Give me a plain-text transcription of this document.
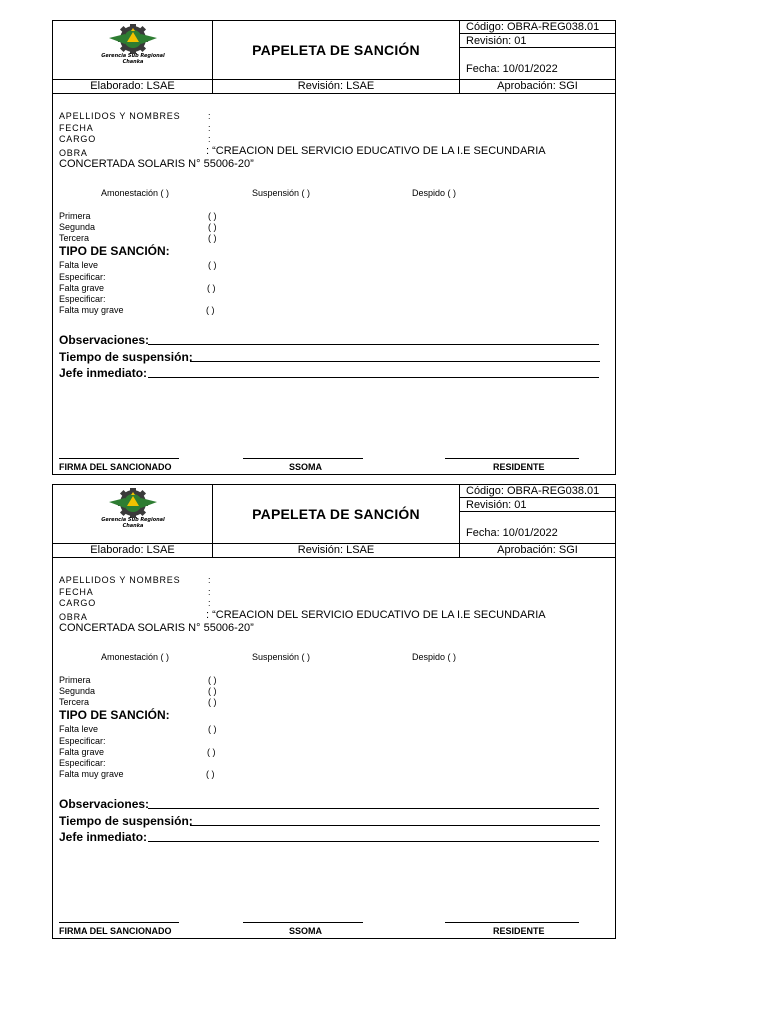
Gerencia Sub Regional Chanka
PAPELETA DE SANCIÓN
Código: OBRA-REG038.01
Revisión: 01
Fecha: 10/01/2022
Elaborado: LSAE	Revisión: LSAE	Aprobación: SGI
APELLIDOS Y NOMBRES	:
FECHA	:
CARGO	:
OBRA	: “CREACION DEL SERVICIO EDUCATIVO DE LA I.E SECUNDARIA
CONCERTADA SOLARIS N° 55006-20”
Amonestación ( )	Suspensión ( )	Despido ( )
Primera	( )
Segunda	( )
Tercera	( )
TIPO DE SANCIÓN:
Falta leve	( )
Especificar:
Falta grave	( )
Especificar:
Falta muy grave	( )
Observaciones:
Tiempo de suspensión:
Jefe inmediato:
FIRMA DEL SANCIONADO	SSOMA	RESIDENTE
Gerencia Sub Regional Chanka
PAPELETA DE SANCIÓN
Código: OBRA-REG038.01
Revisión: 01
Fecha: 10/01/2022
Elaborado: LSAE	Revisión: LSAE	Aprobación: SGI
APELLIDOS Y NOMBRES	:
FECHA	:
CARGO	:
OBRA	: “CREACION DEL SERVICIO EDUCATIVO DE LA I.E SECUNDARIA
CONCERTADA SOLARIS N° 55006-20”
Amonestación ( )	Suspensión ( )	Despido ( )
Primera	( )
Segunda	( )
Tercera	( )
TIPO DE SANCIÓN:
Falta leve	( )
Especificar:
Falta grave	( )
Especificar:
Falta muy grave	( )
Observaciones:
Tiempo de suspensión:
Jefe inmediato:
FIRMA DEL SANCIONADO	SSOMA	RESIDENTE
